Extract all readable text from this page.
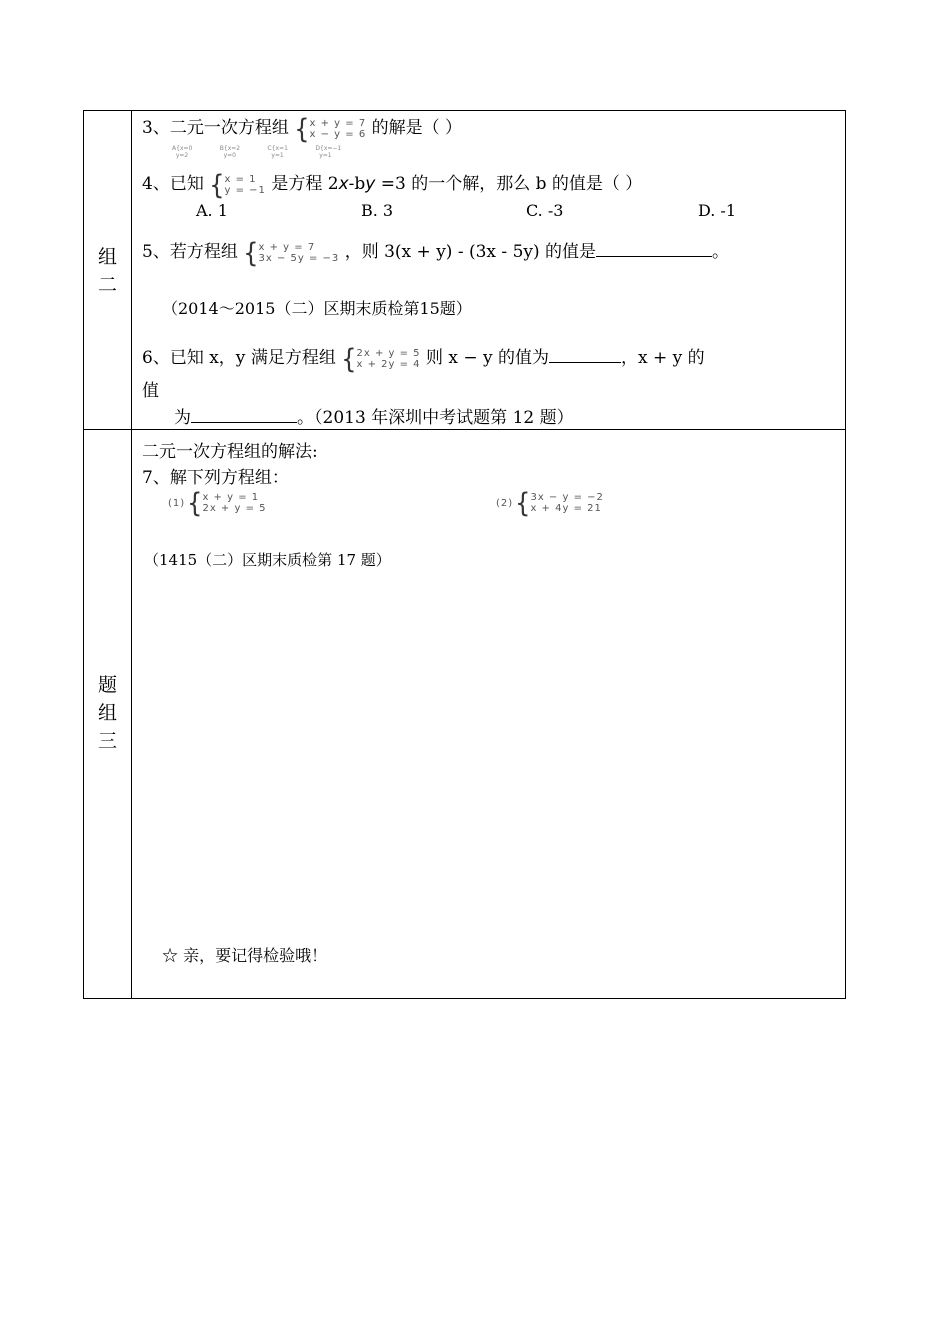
组
二
3、二元一次方程组 {x + y = 7
x − y = 6 的解是（ ）
A{x=0
y=2 B{x=2
y=0 C{x=1
y=1 D{x=−1
y=1
4、已知 {x = 1
y = −1 是方程 2x-by =3 的一个解，那么 b 的值是（ ）
A. 1	B. 3	C. -3	D. -1
5、若方程组 {x + y = 7
3x − 5y = −3 ，则 3(x + y) - (3x - 5y) 的值是	。
（2014～2015（二）区期末质检第15题）
6、已知 x，y 满足方程组 {2x + y = 5
x + 2y = 4 则 x − y 的值为	，x + y 的
值
为	。（2013 年深圳中考试题第 12 题）
题
组
三
二元一次方程组的解法:
7、解下列方程组：
(1){x + y = 1
2x + y = 5	(2){3x − y = −2
x + 4y = 21
（1415（二）区期末质检第 17 题）
☆ 亲，要记得检验哦！
